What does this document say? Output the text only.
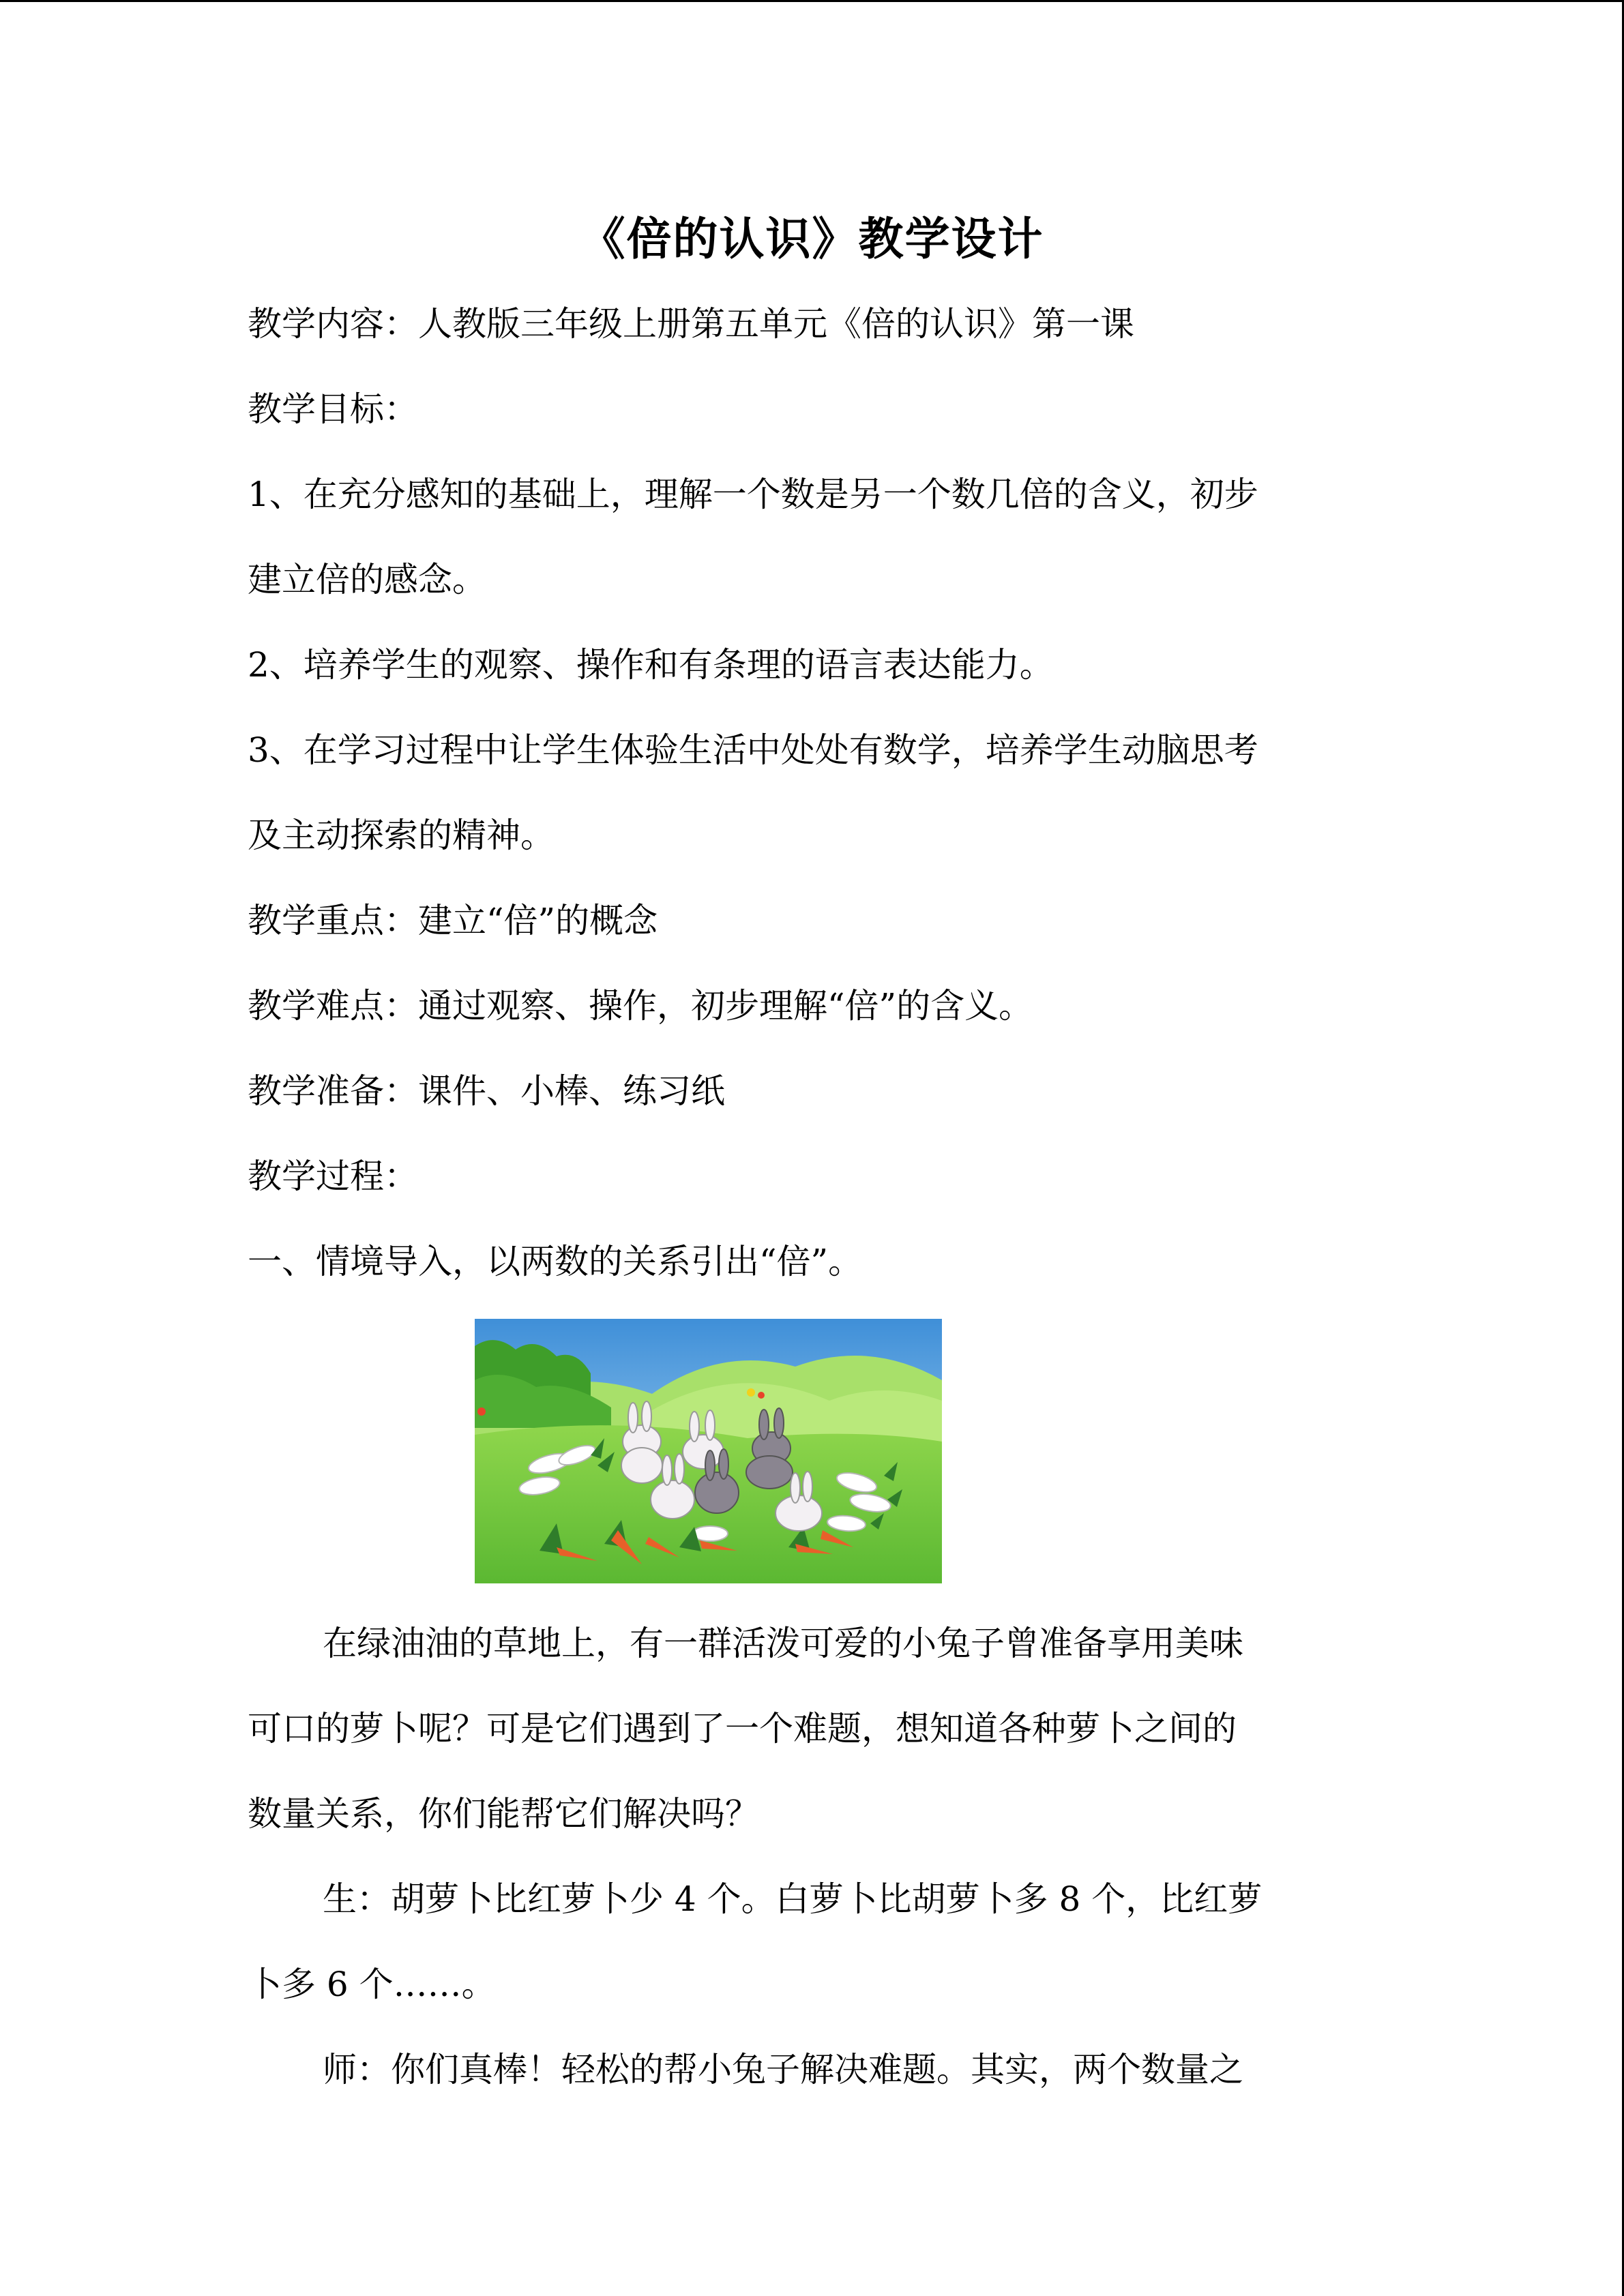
《倍的认识》教学设计
教学内容：人教版三年级上册第五单元《倍的认识》第一课
教学目标：
1、在充分感知的基础上，理解一个数是另一个数几倍的含义，初步
建立倍的感念。
2、培养学生的观察、操作和有条理的语言表达能力。
3、在学习过程中让学生体验生活中处处有数学，培养学生动脑思考
及主动探索的精神。
教学重点：建立“倍”的概念
教学难点：通过观察、操作，初步理解“倍”的含义。
教学准备：课件、小棒、练习纸
教学过程：
一、情境导入，以两数的关系引出“倍”。
在绿油油的草地上，有一群活泼可爱的小兔子曾准备享用美味
可口的萝卜呢？可是它们遇到了一个难题，想知道各种萝卜之间的
数量关系，你们能帮它们解决吗？
生：胡萝卜比红萝卜少 4 个。白萝卜比胡萝卜多 8 个，比红萝
卜多 6 个……。
师：你们真棒！轻松的帮小兔子解决难题。其实，两个数量之
